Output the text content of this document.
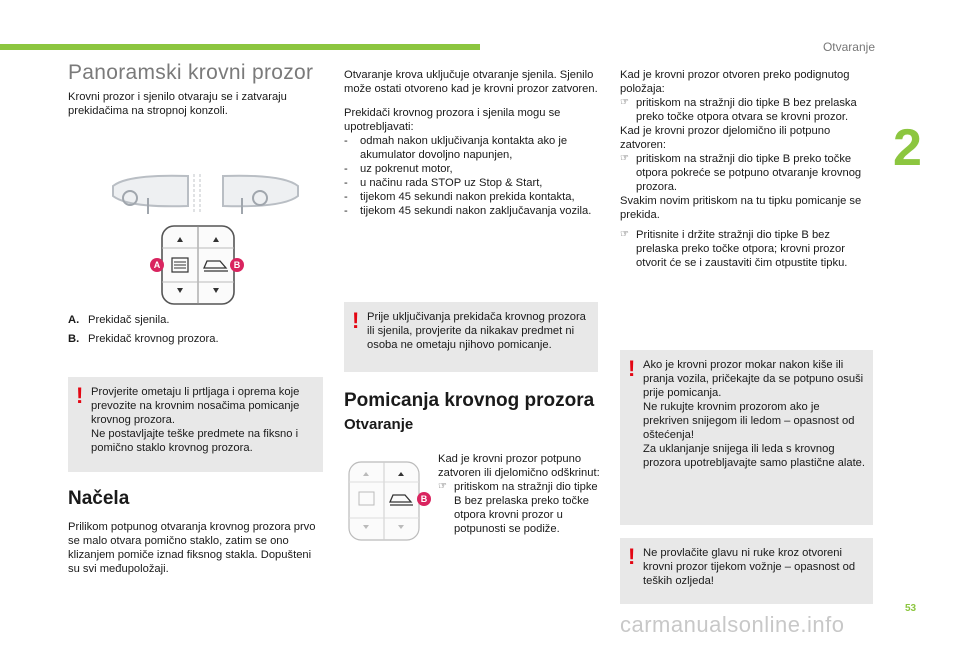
Otvaranje
2
53
carmanualsonline.info
Panoramski krovni prozor

Krovni prozor i sjenilo otvaraju se i zatvaraju prekidačima na stropnoj konzoli.

A	B
A. Prekidač sjenila.
B. Prekidač krovnog prozora.
! Provjerite ometaju li prtljaga i oprema koje prevozite na krovnim nosačima pomicanje krovnog prozora.
Ne postavljajte teške predmete na fiksno i pomično staklo krovnog prozora.
Načela

Prilikom potpunog otvaranja krovnog prozora prvo se malo otvara pomično staklo, zatim se ono klizanjem pomiče iznad fiksnog stakla. Dopušteni su svi međupoložaji.

Otvaranje krova uključuje otvaranje sjenila. Sjenilo može ostati otvoreno kad je krovni prozor zatvoren.

Prekidači krovnog prozora i sjenila mogu se upotrebljavati:

- odmah nakon uključivanja kontakta ako je akumulator dovoljno napunjen,
- uz pokrenut motor,
- u načinu rada STOP uz Stop & Start,
- tijekom 45 sekundi nakon prekida kontakta,
- tijekom 45 sekundi nakon zaključavanja vozila.
! Prije uključivanja prekidača krovnog prozora ili sjenila, provjerite da nikakav predmet ni osoba ne ometaju njihovo pomicanje.
Pomicanja krovnog prozora
Otvaranje
B

Kad je krovni prozor potpuno zatvoren ili djelomično odškrinut:

☞ pritiskom na stražnji dio tipke B bez prelaska preko točke otpora krovni prozor u potpunosti se podiže.

Kad je krovni prozor otvoren preko podignutog položaja:

☞ pritiskom na stražnji dio tipke B bez prelaska preko točke otpora otvara se krovni prozor.

Kad je krovni prozor djelomično ili potpuno zatvoren:

☞ pritiskom na stražnji dio tipke B preko točke otpora pokreće se potpuno otvaranje krovnog prozora.

Svakim novim pritiskom na tu tipku pomicanje se prekida.

☞ Pritisnite i držite stražnji dio tipke B bez prelaska preko točke otpora; krovni prozor otvorit će se i zaustaviti čim otpustite tipku.
! Ako je krovni prozor mokar nakon kiše ili pranja vozila, pričekajte da se potpuno osuši prije pomicanja.
Ne rukujte krovnim prozorom ako je prekriven snijegom ili ledom – opasnost od oštećenja!
Za uklanjanje snijega ili leda s krovnog prozora upotrebljavajte samo plastične alate.
! Ne provlačite glavu ni ruke kroz otvoreni krovni prozor tijekom vožnje – opasnost od teških ozljeda!
